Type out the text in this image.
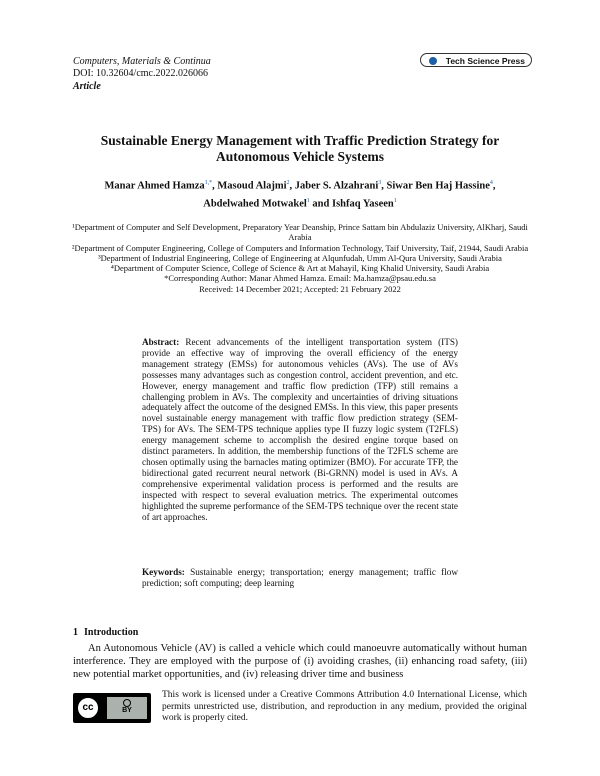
Computers, Materials & Continua
DOI: 10.32604/cmc.2022.026066
Article
Tech Science Press
Sustainable Energy Management with Traffic Prediction Strategy for Autonomous Vehicle Systems
Manar Ahmed Hamza$^{1,*}$, Masoud Alajmi$^2$, Jaber S. Alzahrani$^3$, Siwar Ben Haj Hassine$^4$,
Abdelwahed Motwakel$^1$ and Ishfaq Yaseen$^1$
¹Department of Computer and Self Development, Preparatory Year Deanship, Prince Sattam bin Abdulaziz University, AlKharj, Saudi Arabia
²Department of Computer Engineering, College of Computers and Information Technology, Taif University, Taif, 21944, Saudi Arabia
³Department of Industrial Engineering, College of Engineering at Alqunfudah, Umm Al-Qura University, Saudi Arabia
⁴Department of Computer Science, College of Science & Art at Mahayil, King Khalid University, Saudi Arabia
*Corresponding Author: Manar Ahmed Hamza. Email: Ma.hamza@psau.edu.sa
Received: 14 December 2021; Accepted: 21 February 2022
Abstract: Recent advancements of the intelligent transportation system (ITS) provide an effective way of improving the overall efficiency of the energy management strategy (EMSs) for autonomous vehicles (AVs). The use of AVs possesses many advantages such as congestion control, accident prevention, and etc. However, energy management and traffic flow prediction (TFP) still remains a challenging problem in AVs. The complexity and uncertainties of driving situations adequately affect the outcome of the designed EMSs. In this view, this paper presents novel sustainable energy management with traffic flow prediction strategy (SEM-TPS) for AVs. The SEM-TPS technique applies type II fuzzy logic system (T2FLS) energy management scheme to accomplish the desired engine torque based on distinct parameters. In addition, the membership functions of the T2FLS scheme are chosen optimally using the barnacles mating optimizer (BMO). For accurate TFP, the bidirectional gated recurrent neural network (Bi-GRNN) model is used in AVs. A comprehensive experimental validation process is performed and the results are inspected with respect to several evaluation metrics. The experimental outcomes highlighted the supreme performance of the SEM-TPS technique over the recent state of art approaches.
Keywords: Sustainable energy; transportation; energy management; traffic flow prediction; soft computing; deep learning
1 Introduction
An Autonomous Vehicle (AV) is called a vehicle which could manoeuvre automatically without human interference. They are employed with the purpose of (i) avoiding crashes, (ii) enhancing road safety, (iii) new potential market opportunities, and (iv) releasing driver time and business
cc	BY
This work is licensed under a Creative Commons Attribution 4.0 International License, which permits unrestricted use, distribution, and reproduction in any medium, provided the original work is properly cited.
